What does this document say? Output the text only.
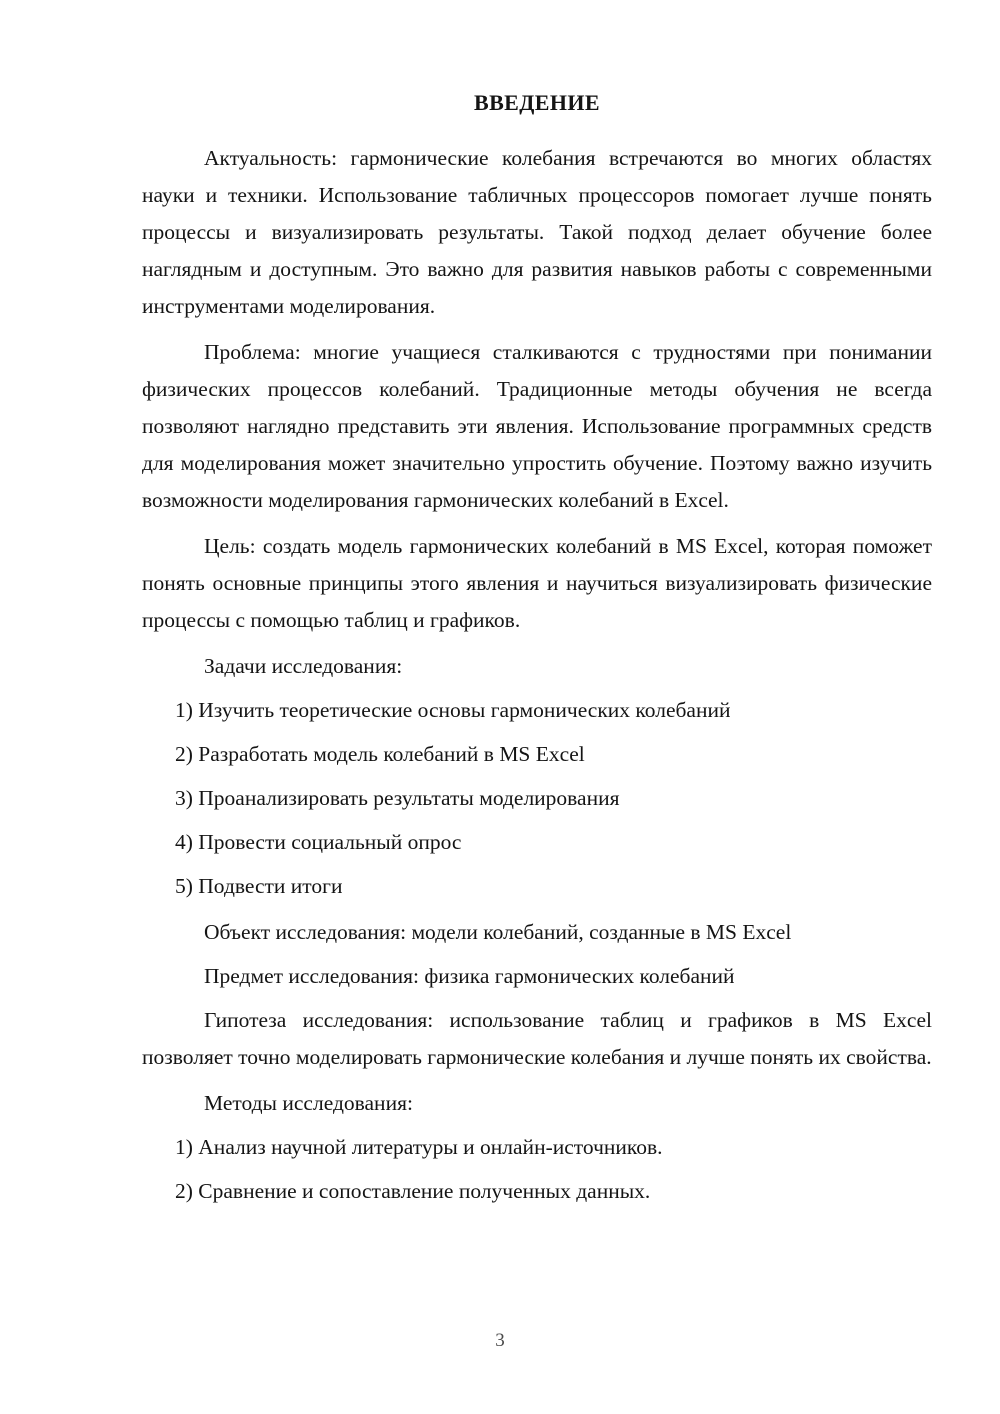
ВВЕДЕНИЕ

Актуальность: гармонические колебания встречаются во многих областях науки и техники. Использование табличных процессоров помогает лучше понять процессы и визуализировать результаты. Такой подход делает обучение более наглядным и доступным. Это важно для развития навыков работы с современными инструментами моделирования.

Проблема: многие учащиеся сталкиваются с трудностями при понимании физических процессов колебаний. Традиционные методы обучения не всегда позволяют наглядно представить эти явления. Использование программных средств для моделирования может значительно упростить обучение. Поэтому важно изучить возможности моделирования гармонических колебаний в Excel.

Цель: создать модель гармонических колебаний в MS Excel, которая поможет понять основные принципы этого явления и научиться визуализировать физические процессы с помощью таблиц и графиков.

Задачи исследования:

1) Изучить теоретические основы гармонических колебаний

2) Разработать модель колебаний в MS Excel

3) Проанализировать результаты моделирования

4) Провести социальный опрос

5) Подвести итоги

Объект исследования: модели колебаний, созданные в MS Excel

Предмет исследования: физика гармонических колебаний

Гипотеза исследования: использование таблиц и графиков в MS Excel позволяет точно моделировать гармонические колебания и лучше понять их свойства.

Методы исследования:

1) Анализ научной литературы и онлайн-источников.

2) Сравнение и сопоставление полученных данных.

3
